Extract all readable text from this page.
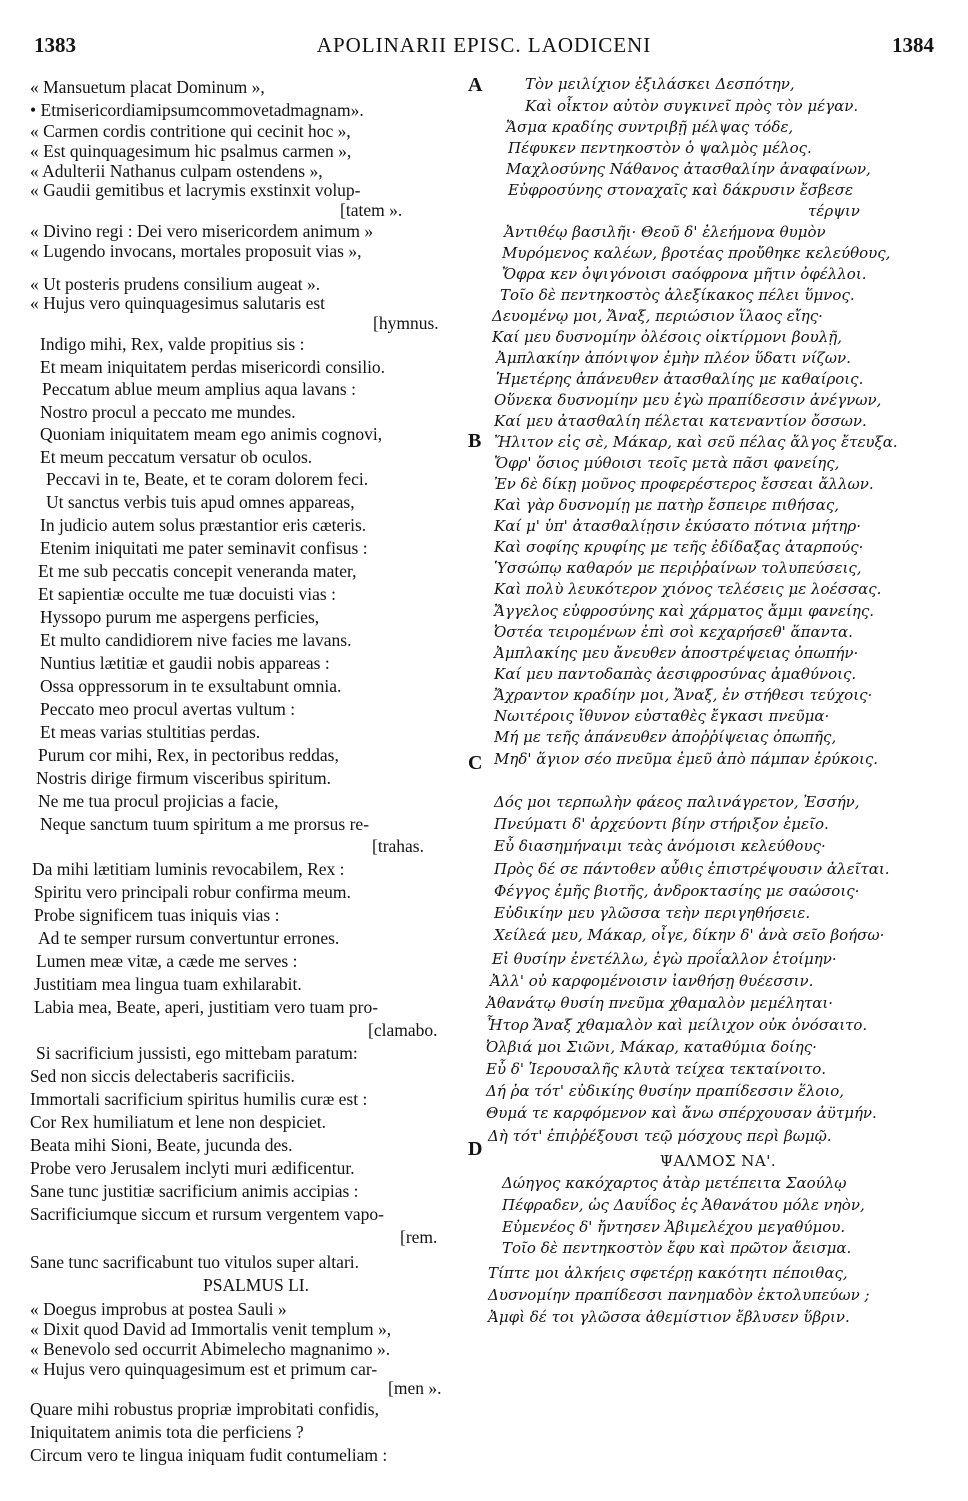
1383	APOLINARII EPISC. LAODICENI	1384
« Mansuetum placat Dominum »,
• Etmisericordiamipsumcommovetadmagnam».
« Carmen cordis contritione qui cecinit hoc »,
« Est quinquagesimum hic psalmus carmen »,
« Adulterii Nathanus culpam ostendens »,
« Gaudii gemitibus et lacrymis exstinxit volup-
[tatem ».
« Divino regi : Dei vero misericordem animum »
« Lugendo invocans, mortales proposuit vias »,
« Ut posteris prudens consilium augeat ».
« Hujus vero quinquagesimus salutaris est
[hymnus.
Indigo mihi, Rex, valde propitius sis :
Et meam iniquitatem perdas misericordi consilio.
Peccatum ablue meum amplius aqua lavans :
Nostro procul a peccato me mundes.
Quoniam iniquitatem meam ego animis cognovi,
Et meum peccatum versatur ob oculos.
Peccavi in te, Beate, et te coram dolorem feci.
Ut sanctus verbis tuis apud omnes appareas,
In judicio autem solus præstantior eris cæteris.
Etenim iniquitati me pater seminavit confisus :
Et me sub peccatis concepit veneranda mater,
Et sapientiæ occulte me tuæ docuisti vias :
Hyssopo purum me aspergens perficies,
Et multo candidiorem nive facies me lavans.
Nuntius lætitiæ et gaudii nobis appareas :
Ossa oppressorum in te exsultabunt omnia.
Peccato meo procul avertas vultum :
Et meas varias stultitias perdas.
Purum cor mihi, Rex, in pectoribus reddas,
Nostris dirige firmum visceribus spiritum.
Ne me tua procul projicias a facie,
Neque sanctum tuum spiritum a me prorsus re-
[trahas.
Da mihi lætitiam luminis revocabilem, Rex :
Spiritu vero principali robur confirma meum.
Probe significem tuas iniquis vias :
Ad te semper rursum convertuntur errones.
Lumen meæ vitæ, a cæde me serves :
Justitiam mea lingua tuam exhilarabit.
Labia mea, Beate, aperi, justitiam vero tuam pro-
[clamabo.
Si sacrificium jussisti, ego mittebam paratum:
Sed non siccis delectaberis sacrificiis.
Immortali sacrificium spiritus humilis curæ est :
Cor Rex humiliatum et lene non despiciet.
Beata mihi Sioni, Beate, jucunda des.
Probe vero Jerusalem inclyti muri ædificentur.
Sane tunc justitiæ sacrificium animis accipias :
Sacrificiumque siccum et rursum vergentem vapo-
[rem.
Sane tunc sacrificabunt tuo vitulos super altari.
PSALMUS LI.
« Doegus improbus at postea Sauli »
« Dixit quod David ad Immortalis venit templum »,
« Benevolo sed occurrit Abimelecho magnanimo ».
« Hujus vero quinquagesimum est et primum car-
[men ».
Quare mihi robustus propriæ improbitati confidis,
Iniquitatem animis tota die perficiens ?
Circum vero te lingua iniquam fudit contumeliam :
Τὸν μειλίχιον ἐξιλάσκει Δεσπότην,
Καὶ οἶκτον αὐτὸν συγκινεῖ πρὸς τὸν μέγαν.
Ἄσμα κραδίης συντριβῇ μέλψας τόδε,
Πέφυκεν πεντηκοστὸν ὁ ψαλμὸς μέλος.
Μαχλοσύνης Νάθανος ἀτασθαλίην ἀναφαίνων,
Εὐφροσύνης στοναχαῖς καὶ δάκρυσιν ἔσβεσε
τέρψιν
Ἀντιθέῳ βασιλῆι· Θεοῦ δ' ἐλεήμονα θυμὸν
Μυρόμενος καλέων, βροτέας προὔθηκε κελεύθους,
Ὄφρα κεν ὀψιγόνοισι σαόφρονα μῆτιν ὀφέλλοι.
Τοῖο δὲ πεντηκοστὸς ἀλεξίκακος πέλει ὕμνος.
Δευομένῳ μοι, Ἄναξ, περιώσιον ἵλαος εἴης·
Καί μευ δυσνομίην ὀλέσοις οἰκτίρμονι βουλῇ,
Ἀμπλακίην ἀπόνιψον ἐμὴν πλέον ὕδατι νίζων.
Ἡμετέρης ἀπάνευθεν ἀτασθαλίης με καθαίροις.
Οὕνεκα δυσνομίην μευ ἐγὼ πραπίδεσσιν ἀνέγνων,
Καί μευ ἀτασθαλίη πέλεται κατεναντίον ὄσσων.
Ἤλιτον εἰς σὲ, Μάκαρ, καὶ σεῦ πέλας ἄλγος ἔτευξα.
Ὄφρ' ὅσιος μύθοισι τεοῖς μετὰ πᾶσι φανείης,
Ἐν δὲ δίκῃ μοῦνος προφερέστερος ἔσσεαι ἄλλων.
Καὶ γὰρ δυσνομίῃ με πατὴρ ἔσπειρε πιθήσας,
Καί μ' ὑπ' ἀτασθαλίῃσιν ἐκύσατο πότνια μήτηρ·
Καὶ σοφίης κρυφίης με τεῆς ἐδίδαξας ἀταρπούς·
Ὑσσώπῳ καθαρόν με περιῤῥαίνων τολυπεύσεις,
Καὶ πολὺ λευκότερον χιόνος τελέσεις με λοέσσας.
Ἄγγελος εὐφροσύνης καὶ χάρματος ἄμμι φανείης.
Ὀστέα τειρομένων ἐπὶ σοὶ κεχαρήσεθ' ἅπαντα.
Ἀμπλακίης μευ ἄνευθεν ἀποστρέψειας ὀπωπήν·
Καί μευ παντοδαπὰς ἀεσιφροσύνας ἀμαθύνοις.
Ἄχραντον κραδίην μοι, Ἄναξ, ἐν στήθεσι τεύχοις·
Νωιτέροις ἴθυνον εὐσταθὲς ἔγκασι πνεῦμα·
Μή με τεῆς ἀπάνευθεν ἀποῤῥίψειας ὀπωπῆς,
Μηδ' ἅγιον σέο πνεῦμα ἐμεῦ ἀπὸ πάμπαν ἐρύκοις.
Δός μοι τερπωλὴν φάεος παλινάγρετον, Ἐσσήν,
Πνεύματι δ' ἀρχεύοντι βίην στήριξον ἐμεῖο.
Εὖ διασημήναιμι τεὰς ἀνόμοισι κελεύθους·
Πρὸς δέ σε πάντοθεν αὖθις ἐπιστρέψουσιν ἀλεῖται.
Φέγγος ἐμῆς βιοτῆς, ἀνδροκτασίης με σαώσοις·
Εὐδικίην μευ γλῶσσα τεὴν περιγηθήσειε.
Χείλεά μευ, Μάκαρ, οἶγε, δίκην δ' ἀνὰ σεῖο βοήσω·
Εἰ θυσίην ἐνετέλλω, ἐγὼ προΐαλλον ἑτοίμην·
Ἀλλ' οὐ καρφομένοισιν ἰανθήσῃ θυέεσσιν.
Ἀθανάτῳ θυσίη πνεῦμα χθαμαλὸν μεμέληται·
Ἦτορ Ἄναξ χθαμαλὸν καὶ μείλιχον οὐκ ὀνόσαιτο.
Ὀλβιά μοι Σιῶνι, Μάκαρ, καταθύμια δοίης·
Εὖ δ' Ἱερουσαλῆς κλυτὰ τείχεα τεκταίνοιτο.
Δή ῥα τότ' εὐδικίης θυσίην πραπίδεσσιν ἕλοιο,
Θυμά τε καρφόμενον καὶ ἄνω σπέρχουσαν ἀϋτμήν.
Δὴ τότ' ἐπιῤῥέξουσι τεῷ μόσχους περὶ βωμῷ.
ΨΑΛΜΟΣ ΝΑ'.
Δώηγος κακόχαρτος ἀτὰρ μετέπειτα Σαούλῳ
Πέφραδεν, ὡς Δαυΐδος ἐς Ἀθανάτου μόλε νηὸν,
Εὐμενέος δ' ἤντησεν Ἀβιμελέχου μεγαθύμου.
Τοῖο δὲ πεντηκοστὸν ἔφυ καὶ πρῶτον ἄεισμα.
Τίπτε μοι ἀλκήεις σφετέρῃ κακότητι πέποιθας,
Δυσνομίην πραπίδεσσι πανημαδὸν ἐκτολυπεύων ;
Ἀμφὶ δέ τοι γλῶσσα ἀθεμίστιον ἔβλυσεν ὕβριν.
A
B
C
D
